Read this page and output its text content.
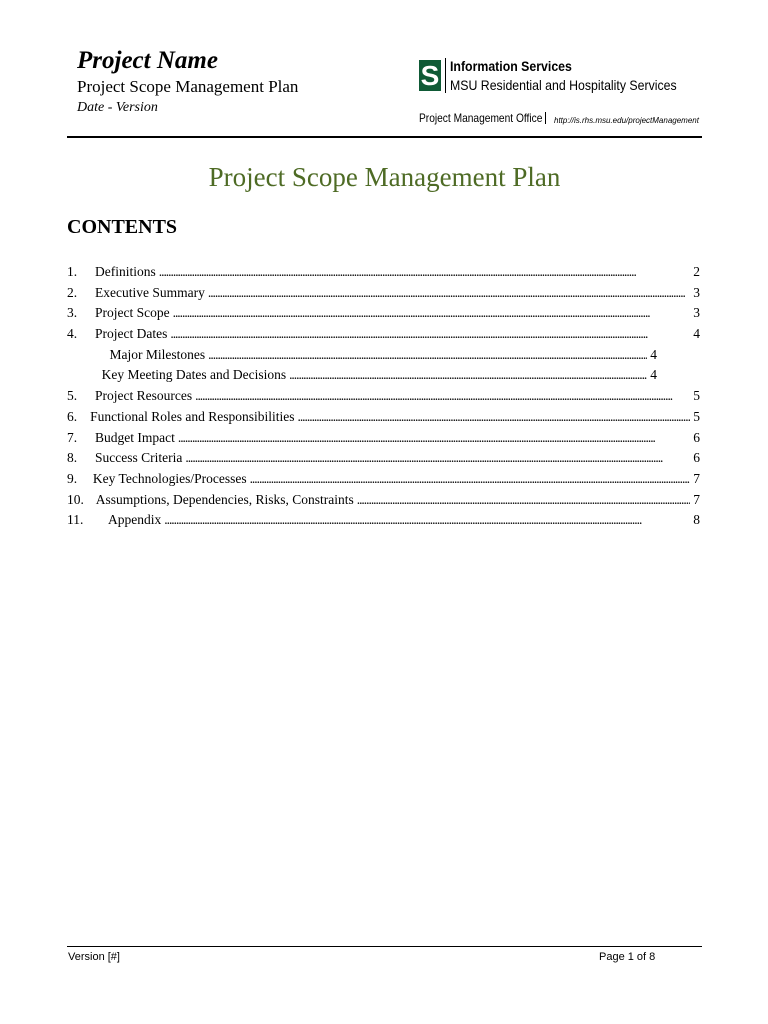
Project Name
Project Scope Management Plan
Date - Version
S Information Services
MSU Residential and Hospitality Services
Project Management Office http://is.rhs.msu.edu/projectManagement
Project Scope Management Plan
CONTENTS
1.	Definitions . . .	2
2.	Executive Summary . . .	3
3.	Project Scope . . .	3
4.	Project Dates . . .	4
Major Milestones . . .	4
Key Meeting Dates and Decisions . . .	4
5.	Project Resources . . .	5
6. Functional Roles and Responsibilities . . .	5
7.	Budget Impact . . .	6
8.	Success Criteria . . .	6
9.	Key Technologies/Processes . . .	7
10. Assumptions, Dependencies, Risks, Constraints . . .	7
11.	Appendix . . .	8
Version [#]	Page 1 of 8
